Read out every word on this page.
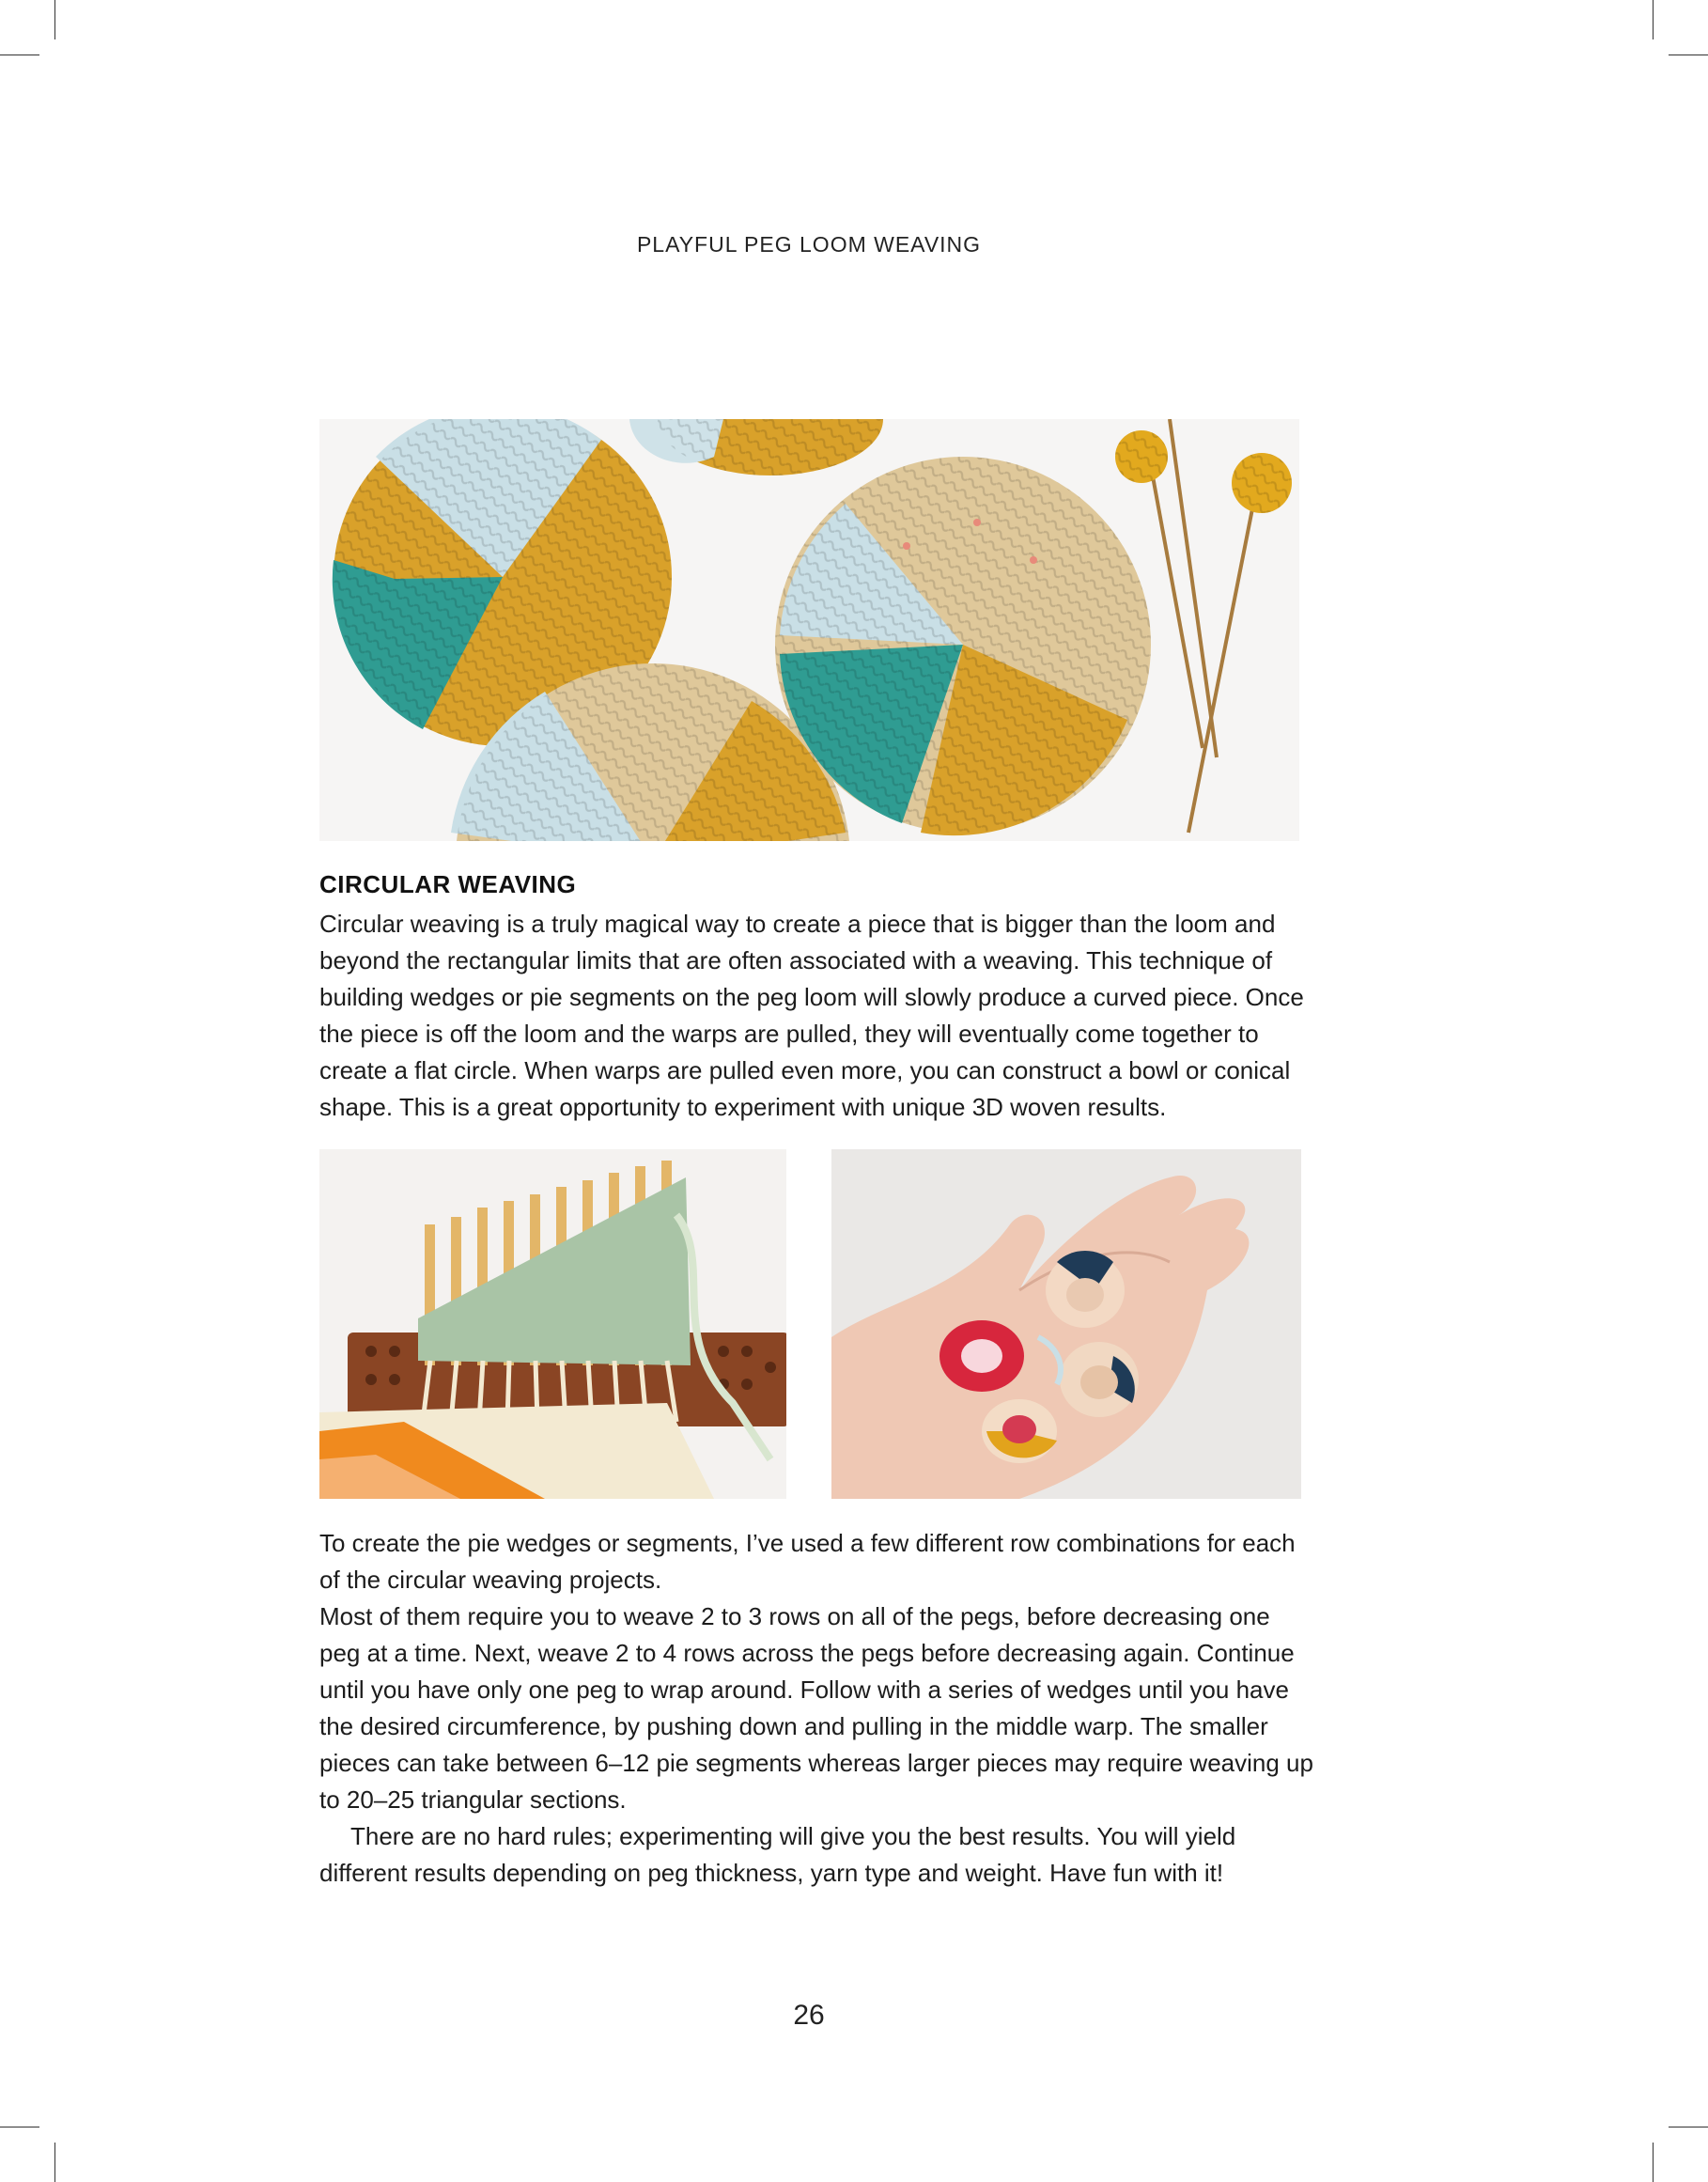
PLAYFUL PEG LOOM WEAVING
CIRCULAR WEAVING

Circular weaving is a truly magical way to create a piece that is bigger than the loom and beyond the rectangular limits that are often associated with a weaving. This technique of building wedges or pie segments on the peg loom will slowly produce a curved piece. Once the piece is off the loom and the warps are pulled, they will eventually come together to create a flat circle. When warps are pulled even more, you can construct a bowl or conical shape. This is a great opportunity to experiment with unique 3D woven results.

To create the pie wedges or segments, I’ve used a few different row combinations for each of the circular weaving projects.

Most of them require you to weave 2 to 3 rows on all of the pegs, before decreasing one peg at a time. Next, weave 2 to 4 rows across the pegs before decreasing again. Continue until you have only one peg to wrap around. Follow with a series of wedges until you have the desired circumference, by pushing down and pulling in the middle warp. The smaller pieces can take between 6–12 pie segments whereas larger pieces may require weaving up to 20–25 triangular sections.

There are no hard rules; experimenting will give you the best results. You will yield different results depending on peg thickness, yarn type and weight. Have fun with it!

26
